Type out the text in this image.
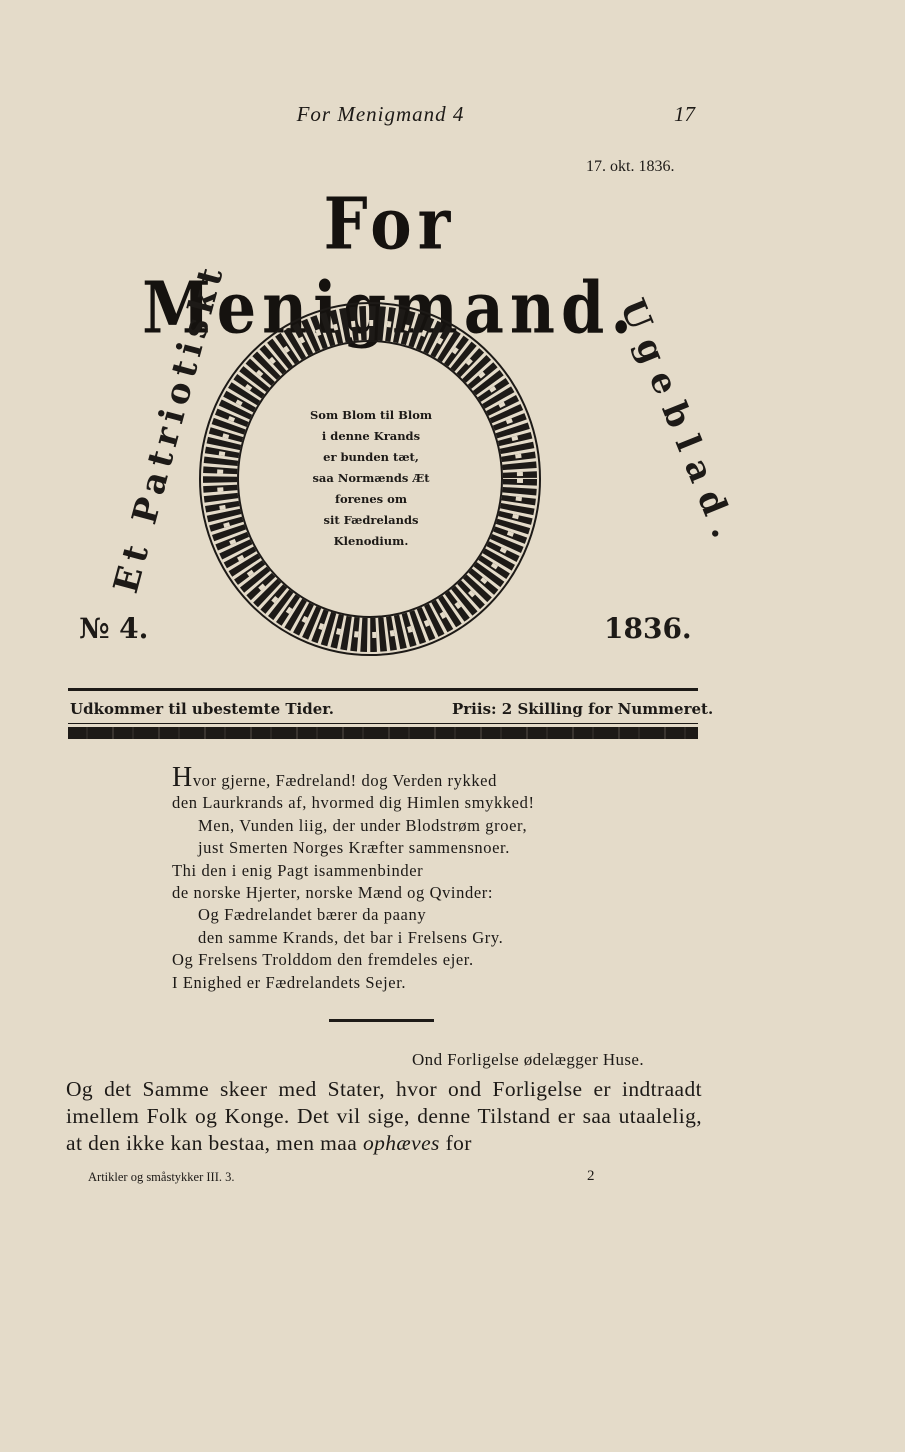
For Menigmand 4	17
17. okt. 1836.
For Menigmand.
Et Patriotiskt	Ugeblad.
№ 4.	1836.
Som Blom til Blom
i denne Krands
er bunden tæt,
saa Normænds Æt
forenes om
sit Fædrelands
Klenodium.
Udkommer til ubestemte Tider.	Priis: 2 Skilling for Nummeret.
Hvor gjerne, Fædreland! dog Verden rykked
den Laurkrands af, hvormed dig Himlen smykked!
Men, Vunden liig, der under Blodstrøm groer,
just Smerten Norges Kræfter sammensnoer.
Thi den i enig Pagt isammenbinder
de norske Hjerter, norske Mænd og Qvinder:
Og Fædrelandet bærer da paany
den samme Krands, det bar i Frelsens Gry.
Og Frelsens Trolddom den fremdeles ejer.
I Enighed er Fædrelandets Sejer.
Ond Forligelse ødelægger Huse.
Og det Samme skeer med Stater, hvor ond Forligelse er indtraadt imellem Folk og Konge. Det vil sige, denne Tilstand er saa utaalelig, at den ikke kan bestaa, men maa ophæves for
Artikler og småstykker III. 3.	2
